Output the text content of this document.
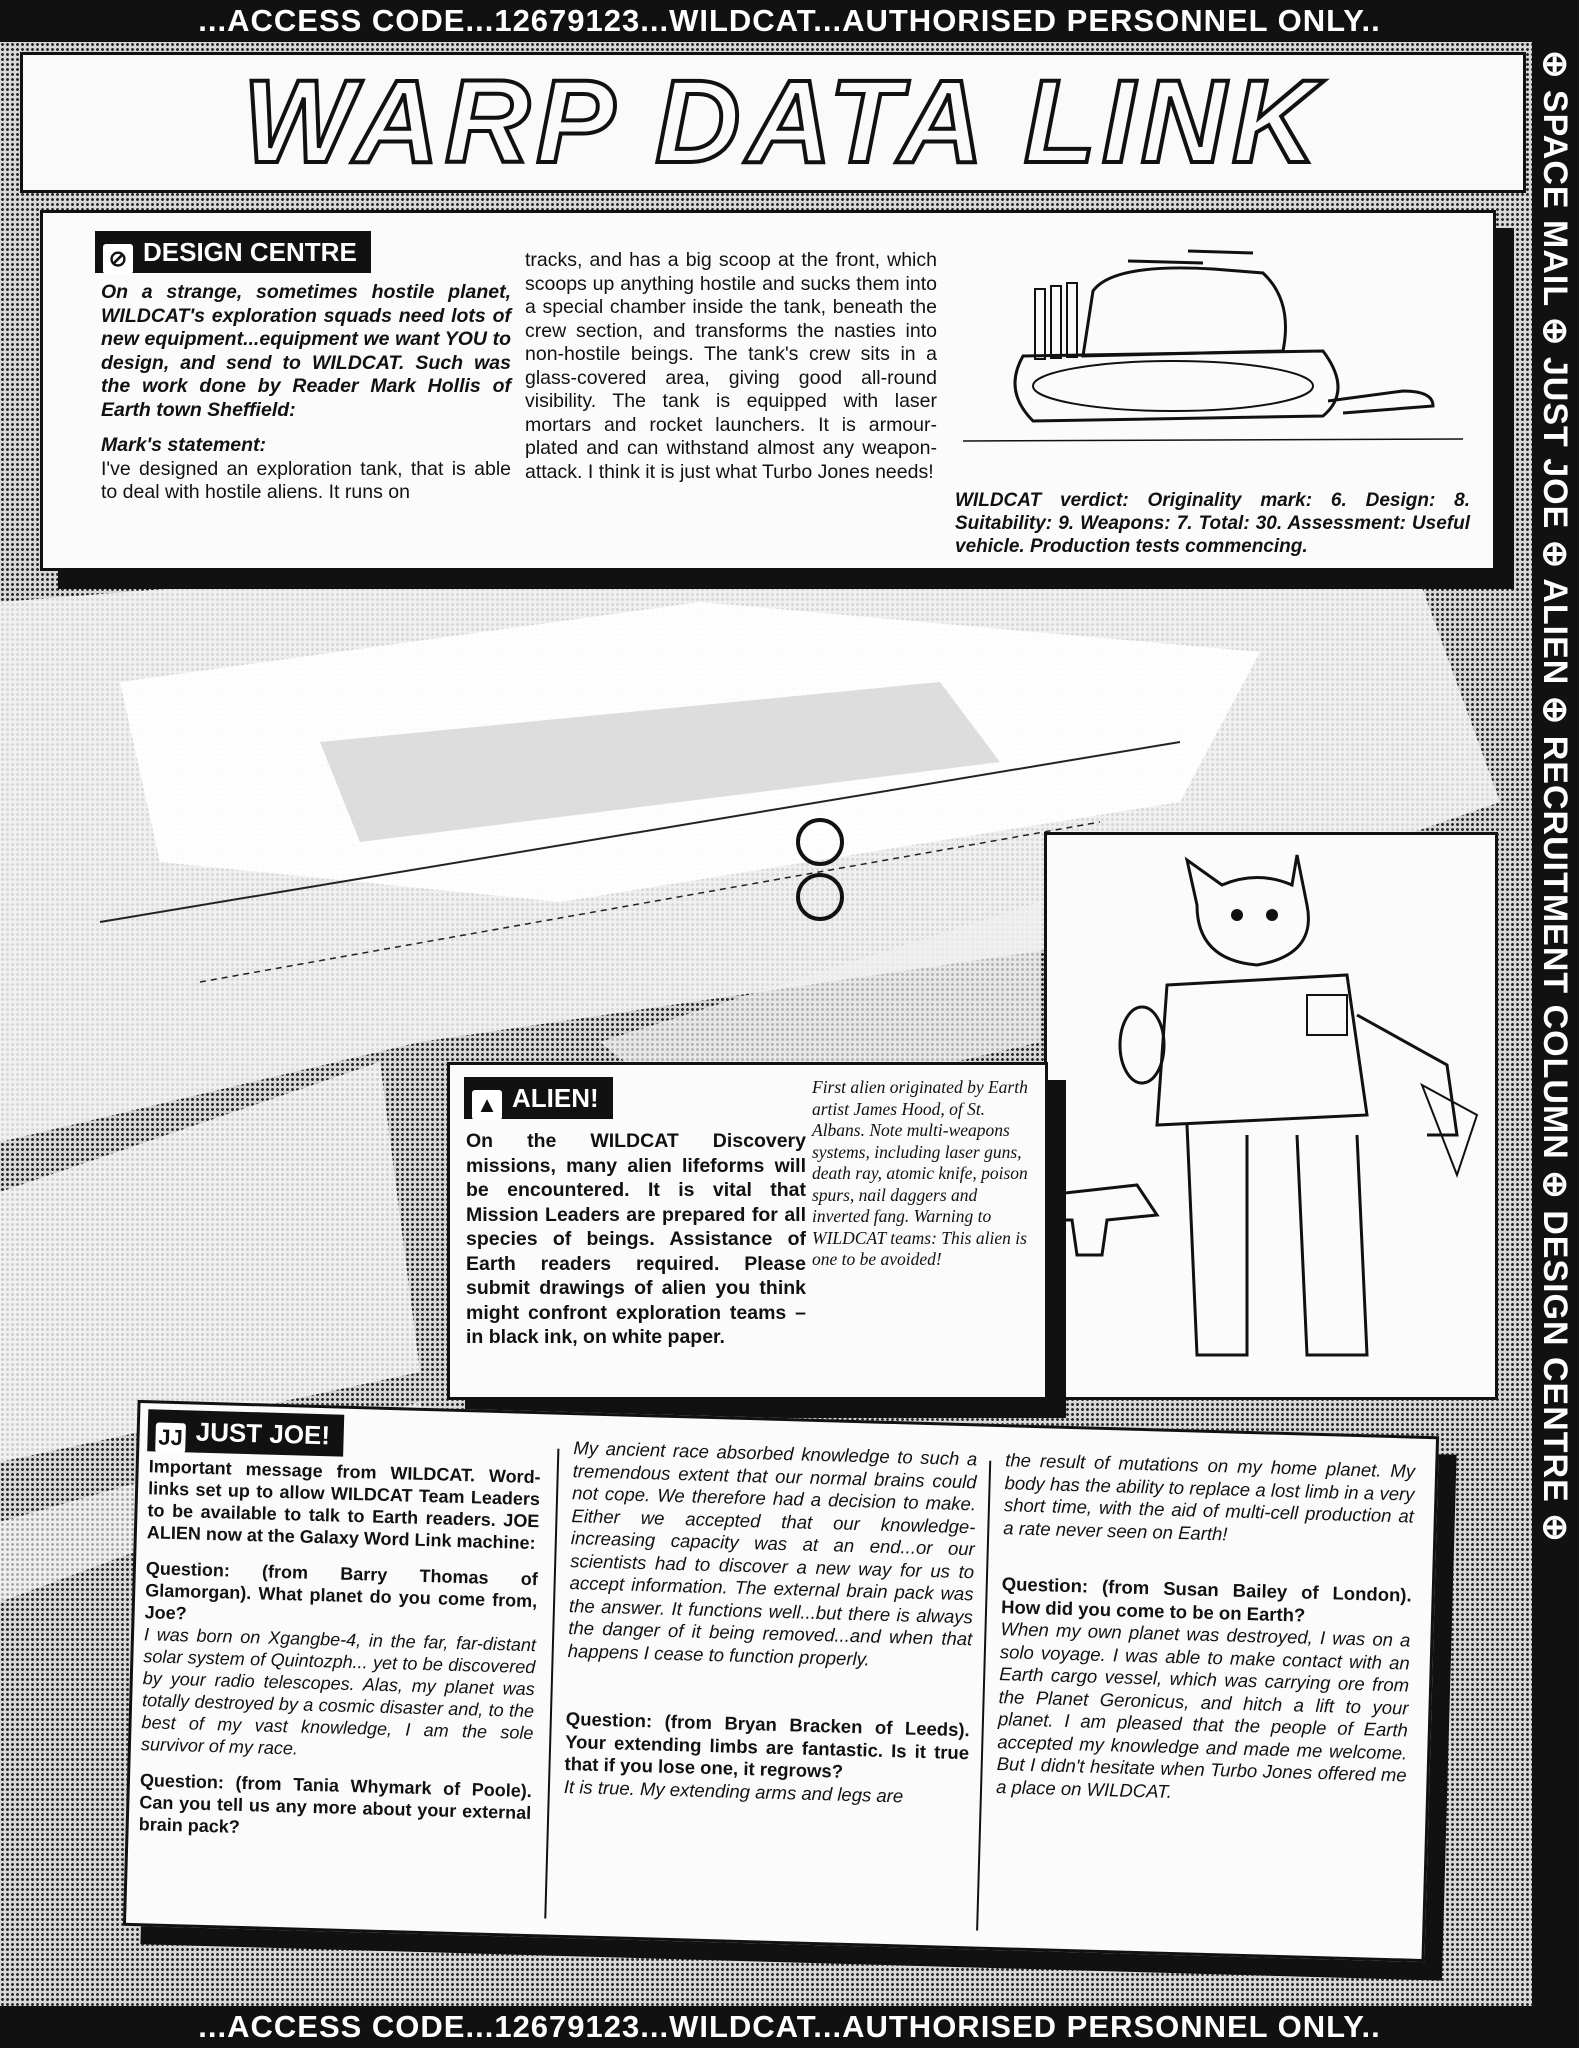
...ACCESS CODE...12679123...WILDCAT...AUTHORISED PERSONNEL ONLY..
...ACCESS CODE...12679123...WILDCAT...AUTHORISED PERSONNEL ONLY..
⊕ SPACE MAIL ⊕ JUST JOE ⊕ ALIEN ⊕ RECRUITMENT COLUMN ⊕ DESIGN CENTRE ⊕
WARP DATA LINK
⊘ DESIGN CENTRE

On a strange, sometimes hostile planet, WILDCAT's exploration squads need lots of new equipment...equipment we want YOU to design, and send to WILDCAT. Such was the work done by Reader Mark Hollis of Earth town Sheffield:

Mark's statement:

I've designed an exploration tank, that is able to deal with hostile aliens. It runs on

tracks, and has a big scoop at the front, which scoops up anything hostile and sucks them into a special chamber inside the tank, beneath the crew section, and transforms the nasties into non-hostile beings. The tank's crew sits in a glass-covered area, giving good all-round visibility. The tank is equipped with laser mortars and rocket launchers. It is armour-plated and can withstand almost any weapon-attack. I think it is just what Turbo Jones needs!

WILDCAT verdict: Originality mark: 6. Design: 8. Suitability: 9. Weapons: 7. Total: 30. Assessment: Useful vehicle. Production tests commencing.
▲ ALIEN!
On the WILDCAT Discovery missions, many alien lifeforms will be encountered. It is vital that Mission Leaders are prepared for all species of beings. Assistance of Earth readers required. Please submit drawings of alien you think might confront exploration teams – in black ink, on white paper.
First alien originated by Earth artist James Hood, of St. Albans. Note multi-weapons systems, including laser guns, death ray, atomic knife, poison spurs, nail daggers and inverted fang. Warning to WILDCAT teams: This alien is one to be avoided!
JJ JUST JOE!

Important message from WILDCAT. Word-links set up to allow WILDCAT Team Leaders to be available to talk to Earth readers. JOE ALIEN now at the Galaxy Word Link machine:

Question: (from Barry Thomas of Glamorgan). What planet do you come from, Joe?

I was born on Xgangbe-4, in the far, far-distant solar system of Quintozph... yet to be discovered by your radio telescopes. Alas, my planet was totally destroyed by a cosmic disaster and, to the best of my vast knowledge, I am the sole survivor of my race.

Question: (from Tania Whymark of Poole). Can you tell us any more about your external brain pack?

My ancient race absorbed knowledge to such a tremendous extent that our normal brains could not cope. We therefore had a decision to make. Either we accepted that our knowledge-increasing capacity was at an end...or our scientists had to discover a new way for us to accept information. The external brain pack was the answer. It functions well...but there is always the danger of it being removed...and when that happens I cease to function properly.

Question: (from Bryan Bracken of Leeds). Your extending limbs are fantastic. Is it true that if you lose one, it regrows?

It is true. My extending arms and legs are

the result of mutations on my home planet. My body has the ability to replace a lost limb in a very short time, with the aid of multi-cell production at a rate never seen on Earth!

Question: (from Susan Bailey of London). How did you come to be on Earth?

When my own planet was destroyed, I was on a solo voyage. I was able to make contact with an Earth cargo vessel, which was carrying ore from the Planet Geronicus, and hitch a lift to your planet. I am pleased that the people of Earth accepted my knowledge and made me welcome. But I didn't hesitate when Turbo Jones offered me a place on WILDCAT.
